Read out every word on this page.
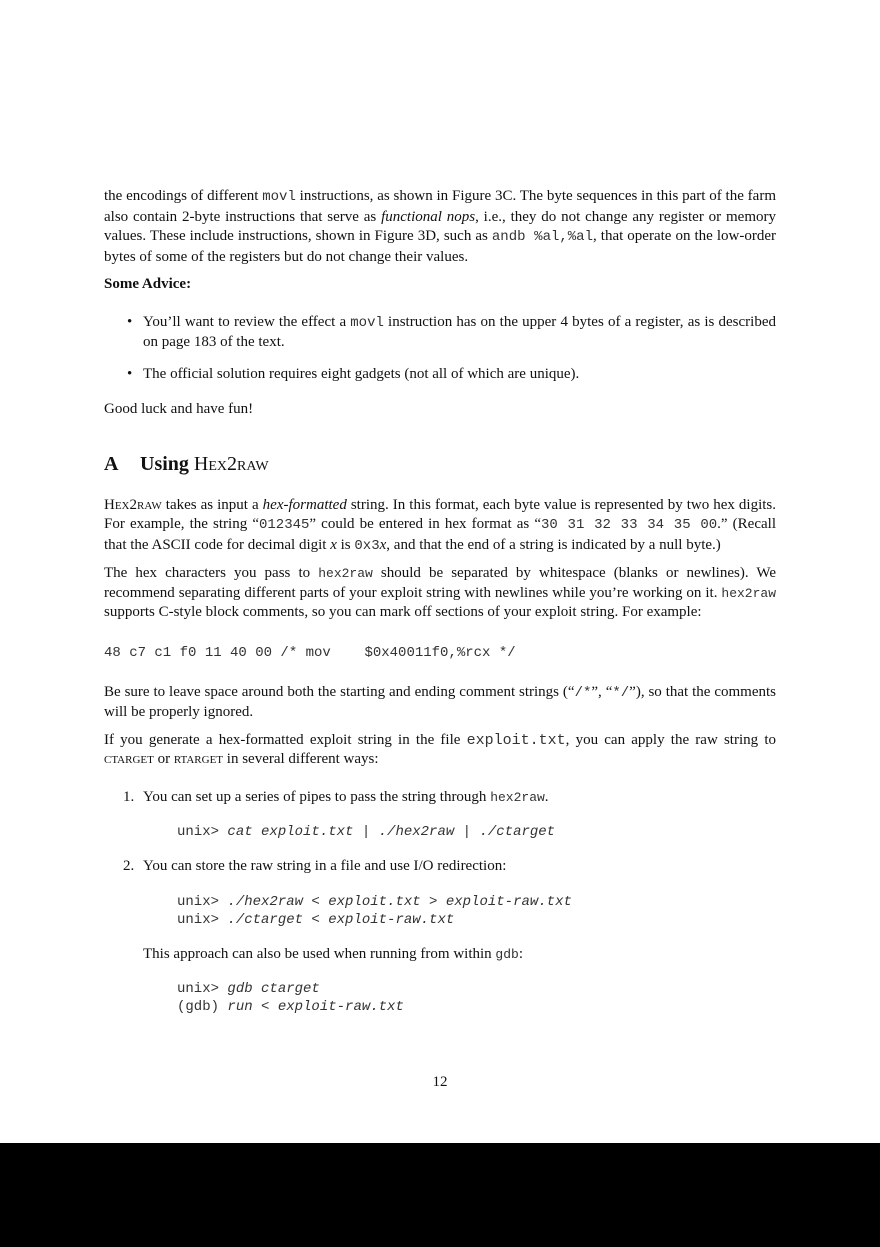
the encodings of different movl instructions, as shown in Figure 3C. The byte sequences in this part of the farm also contain 2-byte instructions that serve as functional nops, i.e., they do not change any register or memory values. These include instructions, shown in Figure 3D, such as andb %al,%al, that operate on the low-order bytes of some of the registers but do not change their values.

Some Advice:

• You’ll want to review the effect a movl instruction has on the upper 4 bytes of a register, as is described on page 183 of the text.
• The official solution requires eight gadgets (not all of which are unique).

Good luck and have fun!

A Using Hex2raw

Hex2raw takes as input a hex-formatted string. In this format, each byte value is represented by two hex digits. For example, the string “012345” could be entered in hex format as “30 31 32 33 34 35 00.” (Recall that the ASCII code for decimal digit x is 0x3x, and that the end of a string is indicated by a null byte.)

The hex characters you pass to hex2raw should be separated by whitespace (blanks or newlines). We recommend separating different parts of your exploit string with newlines while you’re working on it. hex2raw supports C-style block comments, so you can mark off sections of your exploit string. For example:

48 c7 c1 f0 11 40 00 /* mov    $0x40011f0,%rcx */

Be sure to leave space around both the starting and ending comment strings (“/*”, “*/”), so that the comments will be properly ignored.

If you generate a hex-formatted exploit string in the file exploit.txt, you can apply the raw string to ctarget or rtarget in several different ways:

1. You can set up a series of pipes to pass the string through hex2raw.
unix> cat exploit.txt | ./hex2raw | ./ctarget
2. You can store the raw string in a file and use I/O redirection:
unix> ./hex2raw < exploit.txt > exploit-raw.txt
unix> ./ctarget < exploit-raw.txt
This approach can also be used when running from within gdb:
unix> gdb ctarget
(gdb) run < exploit-raw.txt
12
